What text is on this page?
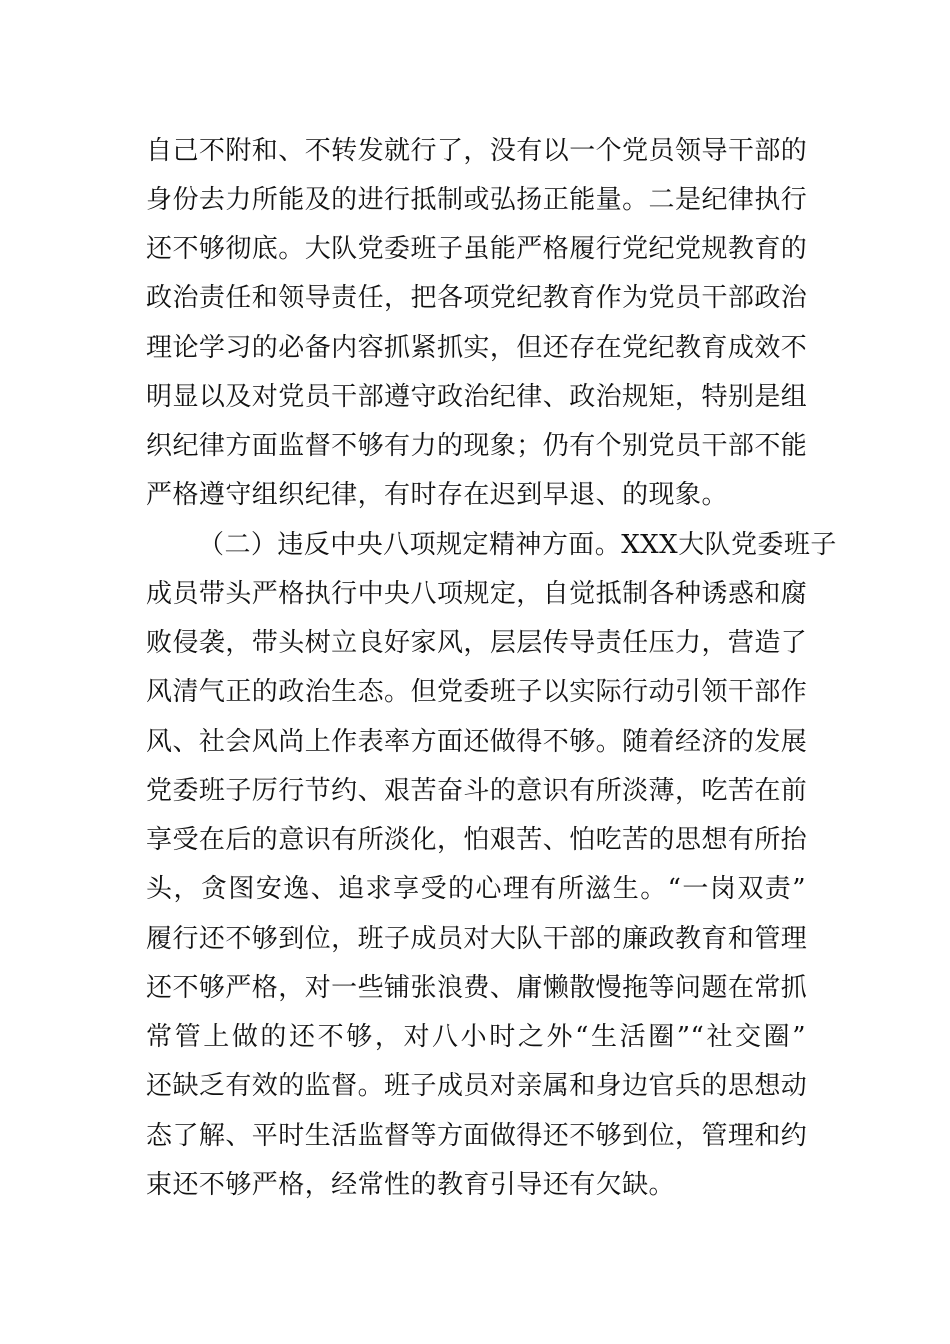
自己不附和、不转发就行了，没有以一个党员领导干部的
身份去力所能及的进行抵制或弘扬正能量。二是纪律执行
还不够彻底。大队党委班子虽能严格履行党纪党规教育的
政治责任和领导责任，把各项党纪教育作为党员干部政治
理论学习的必备内容抓紧抓实，但还存在党纪教育成效不
明显以及对党员干部遵守政治纪律、政治规矩，特别是组
织纪律方面监督不够有力的现象；仍有个别党员干部不能
严格遵守组织纪律，有时存在迟到早退、的现象。
（二）违反中央八项规定精神方面。XXX大队党委班子
成员带头严格执行中央八项规定，自觉抵制各种诱惑和腐
败侵袭，带头树立良好家风，层层传导责任压力，营造了
风清气正的政治生态。但党委班子以实际行动引领干部作
风、社会风尚上作表率方面还做得不够。随着经济的发展
党委班子厉行节约、艰苦奋斗的意识有所淡薄，吃苦在前
享受在后的意识有所淡化，怕艰苦、怕吃苦的思想有所抬
头，贪图安逸、追求享受的心理有所滋生。“一岗双责”
履行还不够到位，班子成员对大队干部的廉政教育和管理
还不够严格，对一些铺张浪费、庸懒散慢拖等问题在常抓
常管上做的还不够，对八小时之外“生活圈”“社交圈”
还缺乏有效的监督。班子成员对亲属和身边官兵的思想动
态了解、平时生活监督等方面做得还不够到位，管理和约
束还不够严格，经常性的教育引导还有欠缺。
